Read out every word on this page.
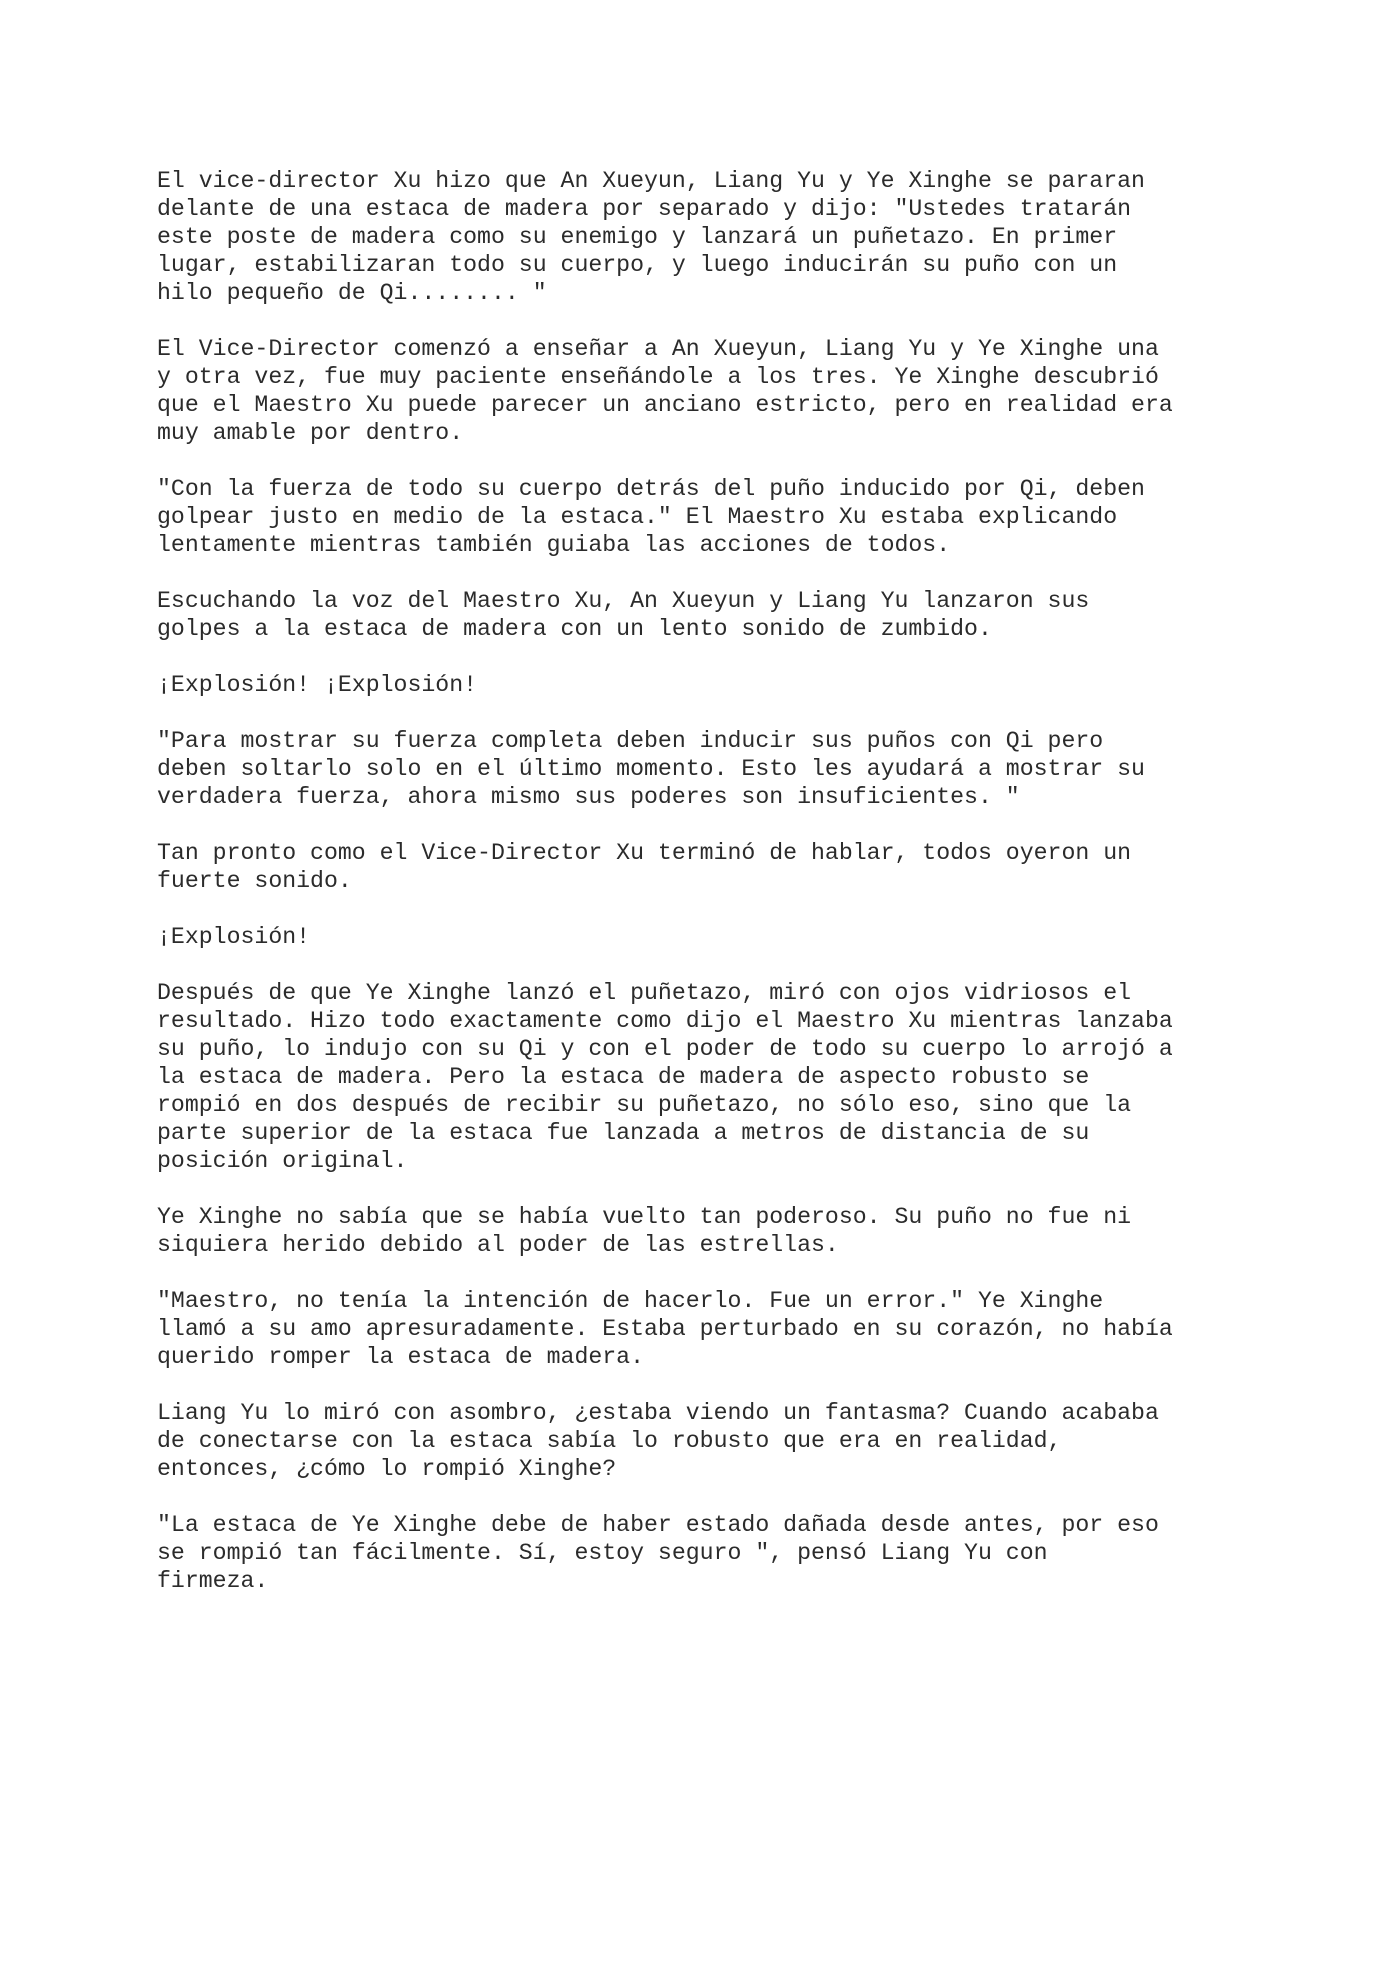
El vice-director Xu hizo que An Xueyun, Liang Yu y Ye Xinghe se pararan
delante de una estaca de madera por separado y dijo: "Ustedes tratarán
este poste de madera como su enemigo y lanzará un puñetazo. En primer
lugar, estabilizaran todo su cuerpo, y luego inducirán su puño con un
hilo pequeño de Qi........ "

El Vice-Director comenzó a enseñar a An Xueyun, Liang Yu y Ye Xinghe una
y otra vez, fue muy paciente enseñándole a los tres. Ye Xinghe descubrió
que el Maestro Xu puede parecer un anciano estricto, pero en realidad era
muy amable por dentro.

"Con la fuerza de todo su cuerpo detrás del puño inducido por Qi, deben
golpear justo en medio de la estaca." El Maestro Xu estaba explicando
lentamente mientras también guiaba las acciones de todos.

Escuchando la voz del Maestro Xu, An Xueyun y Liang Yu lanzaron sus
golpes a la estaca de madera con un lento sonido de zumbido.

¡Explosión! ¡Explosión!

"Para mostrar su fuerza completa deben inducir sus puños con Qi pero
deben soltarlo solo en el último momento. Esto les ayudará a mostrar su
verdadera fuerza, ahora mismo sus poderes son insuficientes. "

Tan pronto como el Vice-Director Xu terminó de hablar, todos oyeron un
fuerte sonido.

¡Explosión!

Después de que Ye Xinghe lanzó el puñetazo, miró con ojos vidriosos el
resultado. Hizo todo exactamente como dijo el Maestro Xu mientras lanzaba
su puño, lo indujo con su Qi y con el poder de todo su cuerpo lo arrojó a
la estaca de madera. Pero la estaca de madera de aspecto robusto se
rompió en dos después de recibir su puñetazo, no sólo eso, sino que la
parte superior de la estaca fue lanzada a metros de distancia de su
posición original.

Ye Xinghe no sabía que se había vuelto tan poderoso. Su puño no fue ni
siquiera herido debido al poder de las estrellas.

"Maestro, no tenía la intención de hacerlo. Fue un error." Ye Xinghe
llamó a su amo apresuradamente. Estaba perturbado en su corazón, no había
querido romper la estaca de madera.

Liang Yu lo miró con asombro, ¿estaba viendo un fantasma? Cuando acababa
de conectarse con la estaca sabía lo robusto que era en realidad,
entonces, ¿cómo lo rompió Xinghe?

"La estaca de Ye Xinghe debe de haber estado dañada desde antes, por eso
se rompió tan fácilmente. Sí, estoy seguro ", pensó Liang Yu con
firmeza.
